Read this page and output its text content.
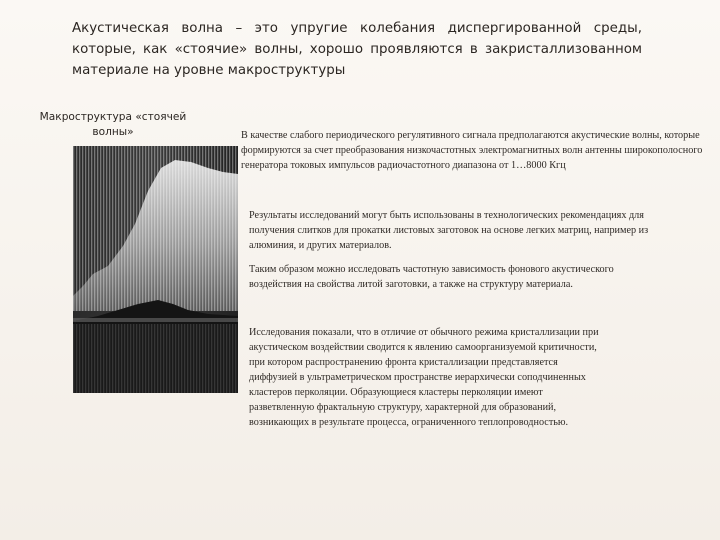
Акустическая волна – это упругие колебания диспергированной среды, которые, как «стоячие» волны, хорошо проявляются в закристаллизованном материале на уровне макроструктуры
Макроструктура «стоячей волны»	В качестве слабого периодического регулятивного сигнала предполагаются акустические волны, которые формируются за счет преобразования низкочастотных электромагнитных волн антенны широкополосного генератора токовых импульсов радиочастотного диапазона от 1…8000 Кгц
Результаты исследований могут быть использованы в технологических рекомендациях для получения слитков для прокатки листовых заготовок на основе легких матриц, например из алюминия, и других материалов.
Таким образом можно исследовать частотную зависимость фонового акустического воздействия на свойства литой заготовки, а также на структуру материала.
Исследования показали, что в отличие от обычного режима кристаллизации при акустическом воздействии сводится к явлению самоорганизуемой критичности, при котором распространению фронта кристаллизации представляется диффузией в ультраметрическом пространстве иерархически соподчиненных кластеров перколяции. Образующиеся кластеры перколяции имеют разветвленную фрактальную структуру, характерной для образований, возникающих в результате процесса, ограниченного теплопроводностью.
